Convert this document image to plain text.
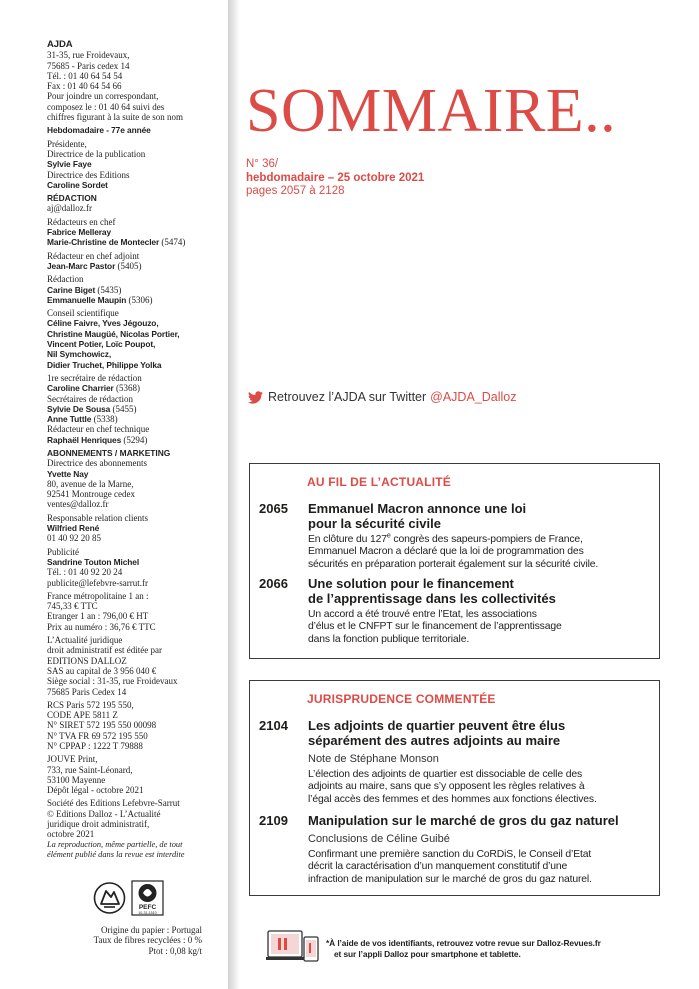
AJDA
31-35, rue Froidevaux,
75685 - Paris cedex 14
Tél. : 01 40 64 54 54
Fax : 01 40 64 54 66
Pour joindre un correspondant,
composez le : 01 40 64 suivi des
chiffres figurant à la suite de son nom
Hebdomadaire - 77e année
Présidente,
Directrice de la publication
Sylvie Faye
Directrice des Editions
Caroline Sordet
RÉDACTION
aj@dalloz.fr
Rédacteurs en chef
Fabrice Melleray
Marie-Christine de Montecler (5474)
Rédacteur en chef adjoint
Jean-Marc Pastor (5405)
Rédaction
Carine Biget (5435)
Emmanuelle Maupin (5306)
Conseil scientifique
Céline Faivre, Yves Jégouzo,
Christine Maugüé, Nicolas Portier,
Vincent Potier, Loïc Poupot,
Nil Symchowicz,
Didier Truchet, Philippe Yolka
1re secrétaire de rédaction
Caroline Charrier (5368)
Secrétaires de rédaction
Sylvie De Sousa (5455)
Anne Tuttle (5338)
Rédacteur en chef technique
Raphaël Henriques (5294)
ABONNEMENTS / MARKETING
Directrice des abonnements
Yvette Nay
80, avenue de la Marne,
92541 Montrouge cedex
ventes@dalloz.fr
Responsable relation clients
Wilfried René
01 40 92 20 85
Publicité
Sandrine Touton Michel
Tél. : 01 40 92 20 24
publicite@lefebvre-sarrut.fr
France métropolitaine 1 an :
745,33 € TTC
Etranger 1 an : 796,00 € HT
Prix au numéro : 36,76 € TTC
L’Actualité juridique
droit administratif est éditée par
EDITIONS DALLOZ
SAS au capital de 3 956 040 €
Siège social : 31-35, rue Froidevaux
75685 Paris Cedex 14
RCS Paris 572 195 550,
CODE APE 5811 Z
N° SIRET 572 195 550 00098
N° TVA FR 69 572 195 550
N° CPPAP : 1222 T 79888
JOUVE Print,
733, rue Saint-Léonard,
53100 Mayenne
Dépôt légal - octobre 2021
Société des Editions Lefebvre-Sarrut
© Editions Dalloz - L’Actualité
juridique droit administratif,
octobre 2021
La reproduction, même partielle, de tout
élément publié dans la revue est interdite
PEFC
10-31-1510
Origine du papier : Portugal
Taux de fibres recyclées : 0 %
Ptot : 0,08 kg/t
SOMMAIRE..
N° 36/
hebdomadaire – 25 octobre 2021
pages 2057 à 2128
Retrouvez l’AJDA sur Twitter @AJDA_Dalloz
AU FIL DE L’ACTUALITÉ
2065 Emmanuel Macron annonce une loi
pour la sécurité civile
En clôture du 127e congrès des sapeurs-pompiers de France,
Emmanuel Macron a déclaré que la loi de programmation des
sécurités en préparation porterait également sur la sécurité civile.
2066 Une solution pour le financement
de l’apprentissage dans les collectivités
Un accord a été trouvé entre l’Etat, les associations
d’élus et le CNFPT sur le financement de l’apprentissage
dans la fonction publique territoriale.
JURISPRUDENCE COMMENTÉE
2104 Les adjoints de quartier peuvent être élus
séparément des autres adjoints au maire
Note de Stéphane Monson
L’élection des adjoints de quartier est dissociable de celle des
adjoints au maire, sans que s’y opposent les règles relatives à
l’égal accès des femmes et des hommes aux fonctions électives.
2109 Manipulation sur le marché de gros du gaz naturel
Conclusions de Céline Guibé
Confirmant une première sanction du CoRDiS, le Conseil d’Etat
décrit la caractérisation d’un manquement constitutif d’une
infraction de manipulation sur le marché de gros du gaz naturel.
*À l’aide de vos identifiants, retrouvez votre revue sur Dalloz-Revues.fr
et sur l’appli Dalloz pour smartphone et tablette.
